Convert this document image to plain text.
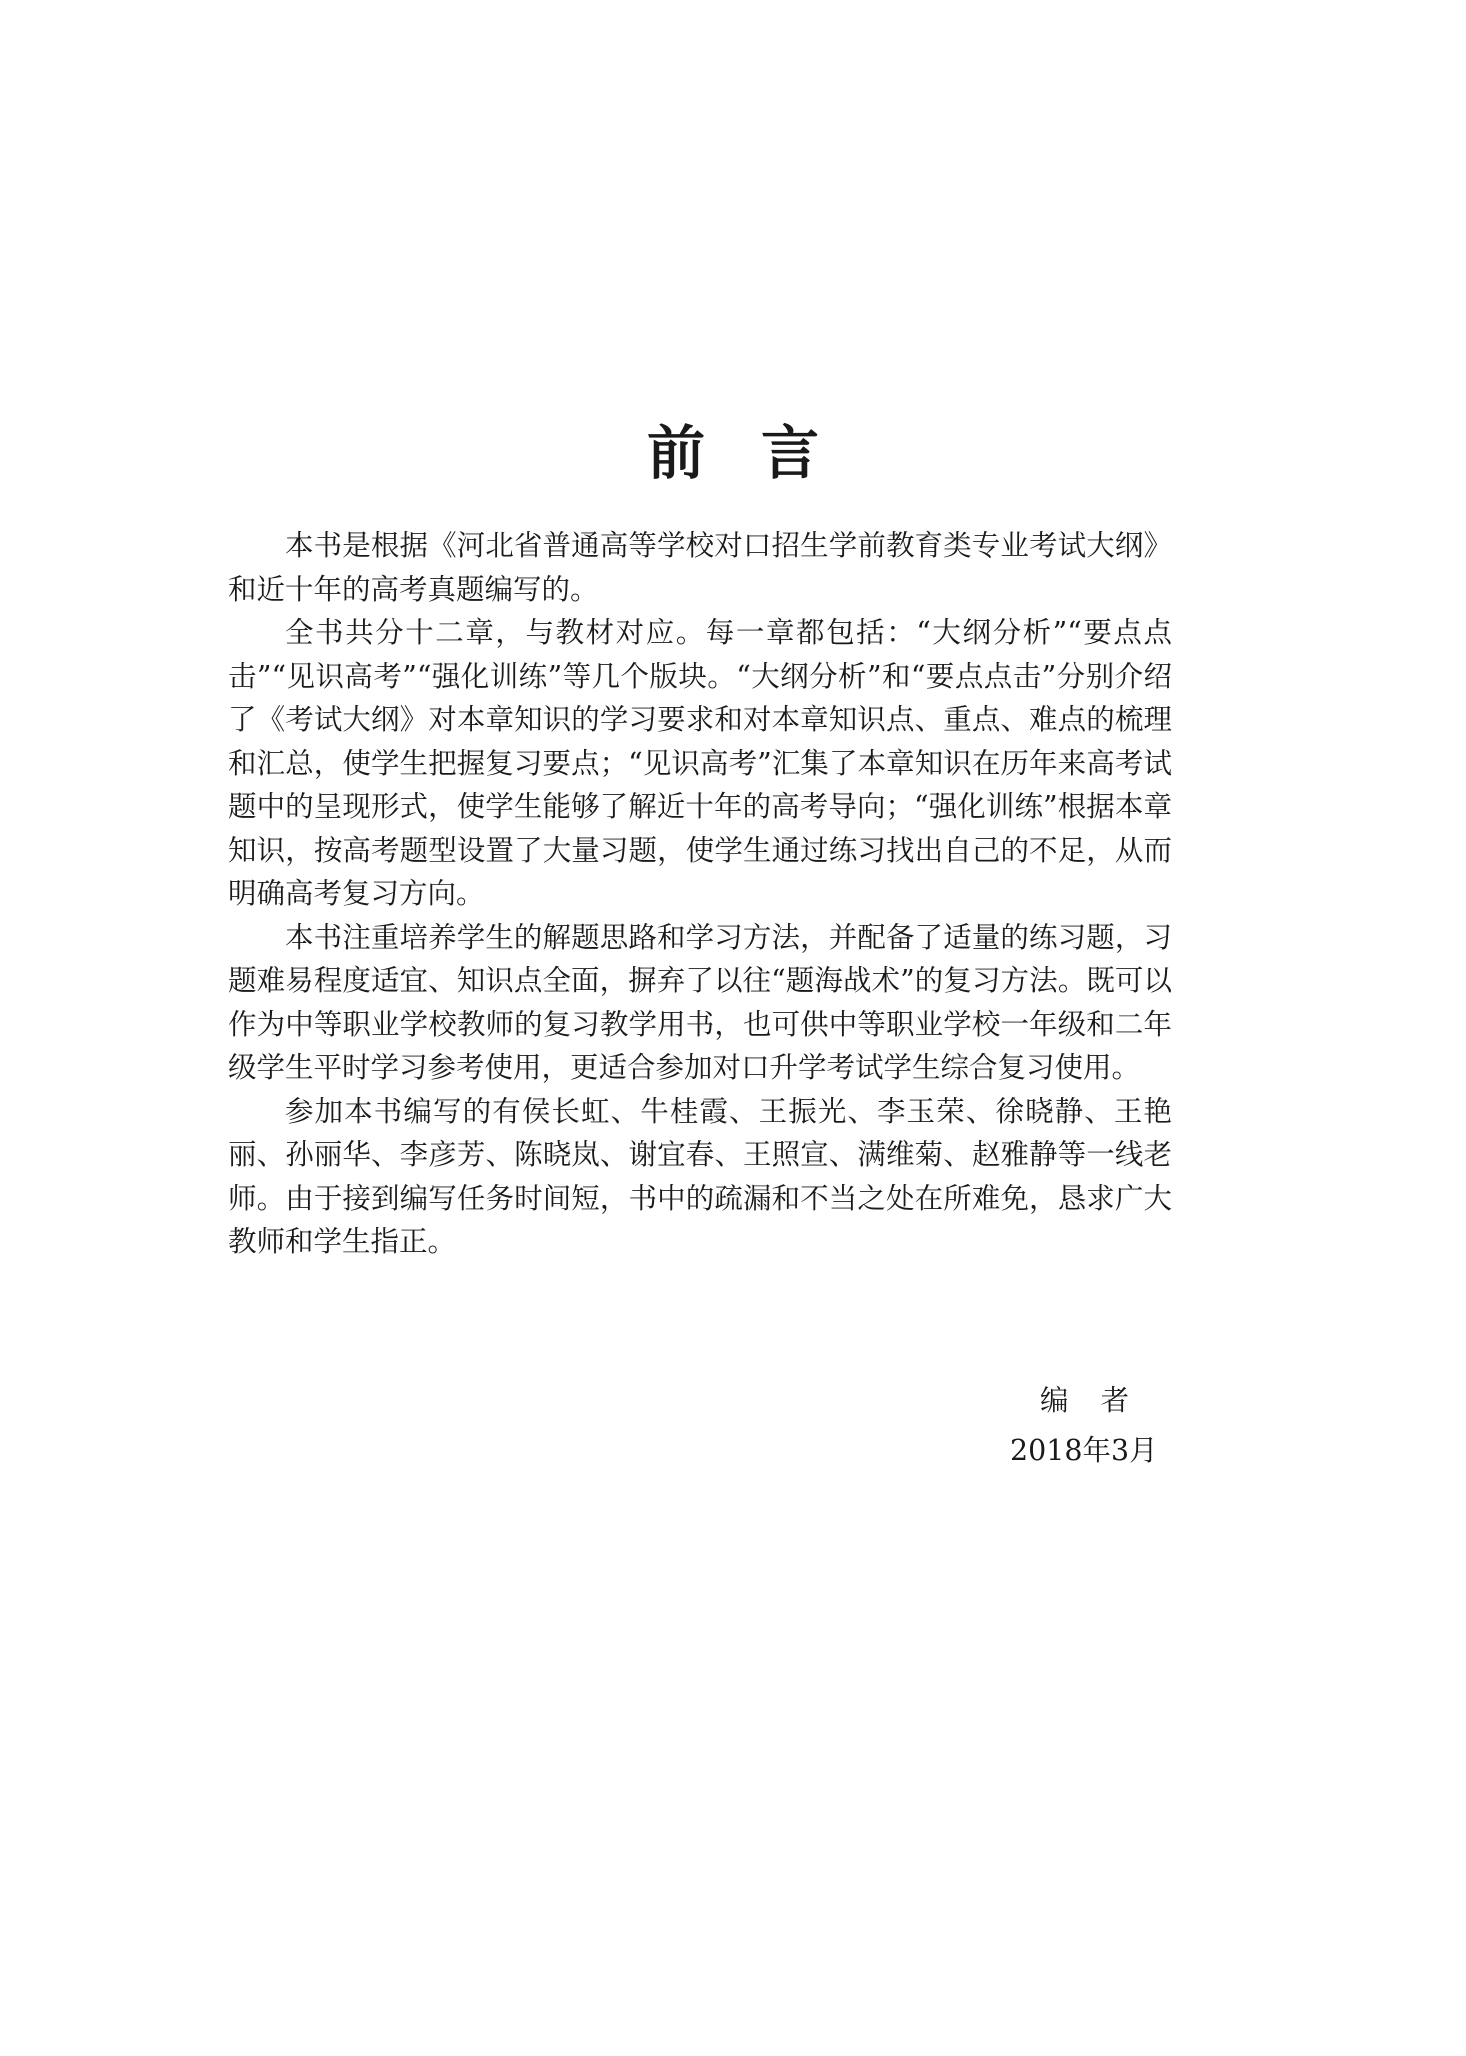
前言

本书是根据《河北省普通高等学校对口招生学前教育类专业考试大纲》和近十年的高考真题编写的。

全书共分十二章，与教材对应。每一章都包括：“大纲分析”“要点点击”“见识高考”“强化训练”等几个版块。“大纲分析”和“要点点击”分别介绍了《考试大纲》对本章知识的学习要求和对本章知识点、重点、难点的梳理和汇总，使学生把握复习要点；“见识高考”汇集了本章知识在历年来高考试题中的呈现形式，使学生能够了解近十年的高考导向；“强化训练”根据本章知识，按高考题型设置了大量习题，使学生通过练习找出自己的不足，从而明确高考复习方向。

本书注重培养学生的解题思路和学习方法，并配备了适量的练习题，习题难易程度适宜、知识点全面，摒弃了以往“题海战术”的复习方法。既可以作为中等职业学校教师的复习教学用书，也可供中等职业学校一年级和二年级学生平时学习参考使用，更适合参加对口升学考试学生综合复习使用。

参加本书编写的有侯长虹、牛桂霞、王振光、李玉荣、徐晓静、王艳丽、孙丽华、李彦芳、陈晓岚、谢宜春、王照宣、满维菊、赵雅静等一线老师。由于接到编写任务时间短，书中的疏漏和不当之处在所难免，恳求广大教师和学生指正。

编者
2018年3月
